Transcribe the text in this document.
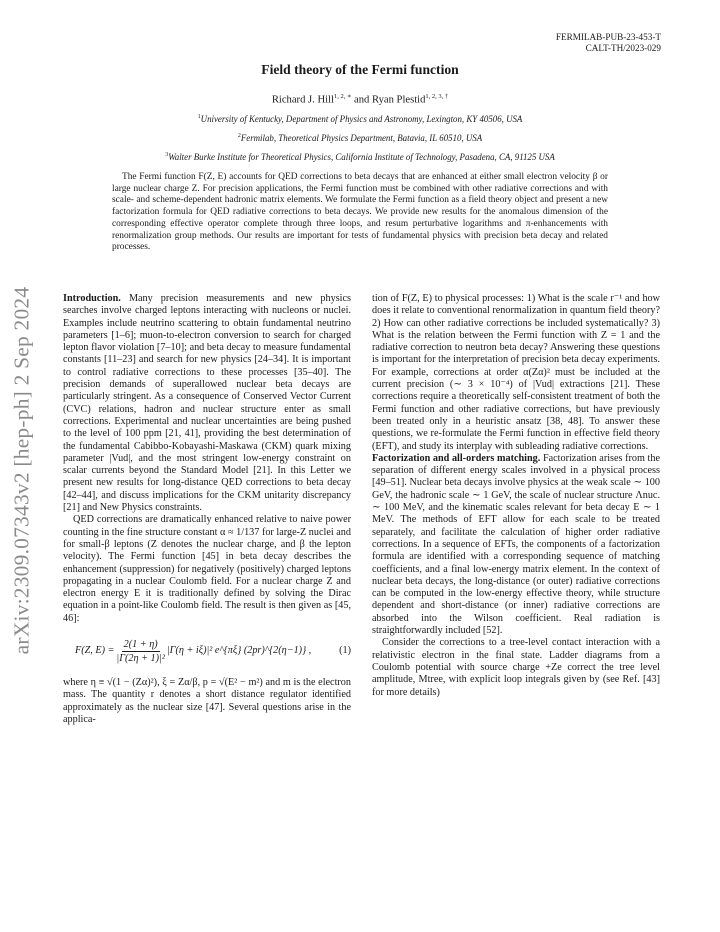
FERMILAB-PUB-23-453-T
CALT-TH/2023-029
Field theory of the Fermi function
Richard J. Hill$^{1, 2, ∗}$ and Ryan Plestid$^{1, 2, 3, \dagger}$
$^1$University of Kentucky, Department of Physics and Astronomy, Lexington, KY 40506, USA
$^2$Fermilab, Theoretical Physics Department, Batavia, IL 60510, USA
$^3$Walter Burke Institute for Theoretical Physics, California Institute of Technology, Pasadena, CA, 91125 USA

The Fermi function F(Z, E) accounts for QED corrections to beta decays that are enhanced at either small electron velocity β or large nuclear charge Z. For precision applications, the Fermi function must be combined with other radiative corrections and with scale- and scheme-dependent hadronic matrix elements. We formulate the Fermi function as a field theory object and present a new factorization formula for QED radiative corrections to beta decays. We provide new results for the anomalous dimension of the corresponding effective operator complete through three loops, and resum perturbative logarithms and π-enhancements with renormalization group methods. Our results are important for tests of fundamental physics with precision beta decay and related processes.

arXiv:2309.07343v2 [hep-ph] 2 Sep 2024	Introduction. Many precision measurements and new physics searches involve charged leptons interacting with nucleons or nuclei. Examples include neutrino scattering to obtain fundamental neutrino parameters [1–6]; muon-to-electron conversion to search for charged lepton flavor violation [7–10]; and beta decay to measure fundamental constants [11–23] and search for new physics [24–34]. It is important to control radiative corrections to these processes [35–40]. The precision demands of superallowed nuclear beta decays are particularly stringent. As a consequence of Conserved Vector Current (CVC) relations, hadron and nuclear structure enter as small corrections. Experimental and nuclear uncertainties are being pushed to the level of 100 ppm [21, 41], providing the best determination of the fundamental Cabibbo-Kobayashi-Maskawa (CKM) quark mixing parameter |Vud|, and the most stringent low-energy constraint on scalar currents beyond the Standard Model [21]. In this Letter we present new results for long-distance QED corrections to beta decay [42–44], and discuss implications for the CKM unitarity discrepancy [21] and New Physics constraints.

QED corrections are dramatically enhanced relative to naive power counting in the fine structure constant α ≈ 1/137 for large-Z nuclei and for small-β leptons (Z denotes the nuclear charge, and β the lepton velocity). The Fermi function [45] in beta decay describes the enhancement (suppression) for negatively (positively) charged leptons propagating in a nuclear Coulomb field. For a nuclear charge Z and electron energy E it is traditionally defined by solving the Dirac equation in a point-like Coulomb field. The result is then given as [45, 46]:

F(Z, $E) = \frac{2(1 + \eta)}{\text{|Γ(2η + 1)|²}} |\Gamma(\eta + i\xi)|^2$ e^{πξ} (2pr)^{2(η−1)} ,	(1)

where η ≡ √(1 − (Zα)²), ξ = Zα/β, p = √(E² − m²) and m is the electron mass. The quantity r denotes a short distance regulator identified approximately as the nuclear size [47]. Several questions arise in the applica-

tion of F(Z, E) to physical processes: 1) What is the scale r⁻¹ and how does it relate to conventional renormalization in quantum field theory? 2) How can other radiative corrections be included systematically? 3) What is the relation between the Fermi function with Z = 1 and the radiative correction to neutron beta decay? Answering these questions is important for the interpretation of precision beta decay experiments. For example, corrections at order α(Zα)² must be included at the current precision (∼ 3 × 10⁻⁴) of |Vud| extractions [21]. These corrections require a theoretically self-consistent treatment of both the Fermi function and other radiative corrections, but have previously been treated only in a heuristic ansatz [38, 48]. To answer these questions, we re-formulate the Fermi function in effective field theory (EFT), and study its interplay with subleading radiative corrections.

Factorization and all-orders matching. Factorization arises from the separation of different energy scales involved in a physical process [49–51]. Nuclear beta decays involve physics at the weak scale ∼ 100 GeV, the hadronic scale ∼ 1 GeV, the scale of nuclear structure Λnuc. ∼ 100 MeV, and the kinematic scales relevant for beta decay E ∼ 1 MeV. The methods of EFT allow for each scale to be treated separately, and facilitate the calculation of higher order radiative corrections. In a sequence of EFTs, the components of a factorization formula are identified with a corresponding sequence of matching coefficients, and a final low-energy matrix element. In the context of nuclear beta decays, the long-distance (or outer) radiative corrections can be computed in the low-energy effective theory, while structure dependent and short-distance (or inner) radiative corrections are absorbed into the Wilson coefficient. Real radiation is straightforwardly included [52].

Consider the corrections to a tree-level contact interaction with a relativistic electron in the final state. Ladder diagrams from a Coulomb potential with source charge +Ze correct the tree level amplitude, Mtree, with explicit loop integrals given by (see Ref. [43] for more details)
